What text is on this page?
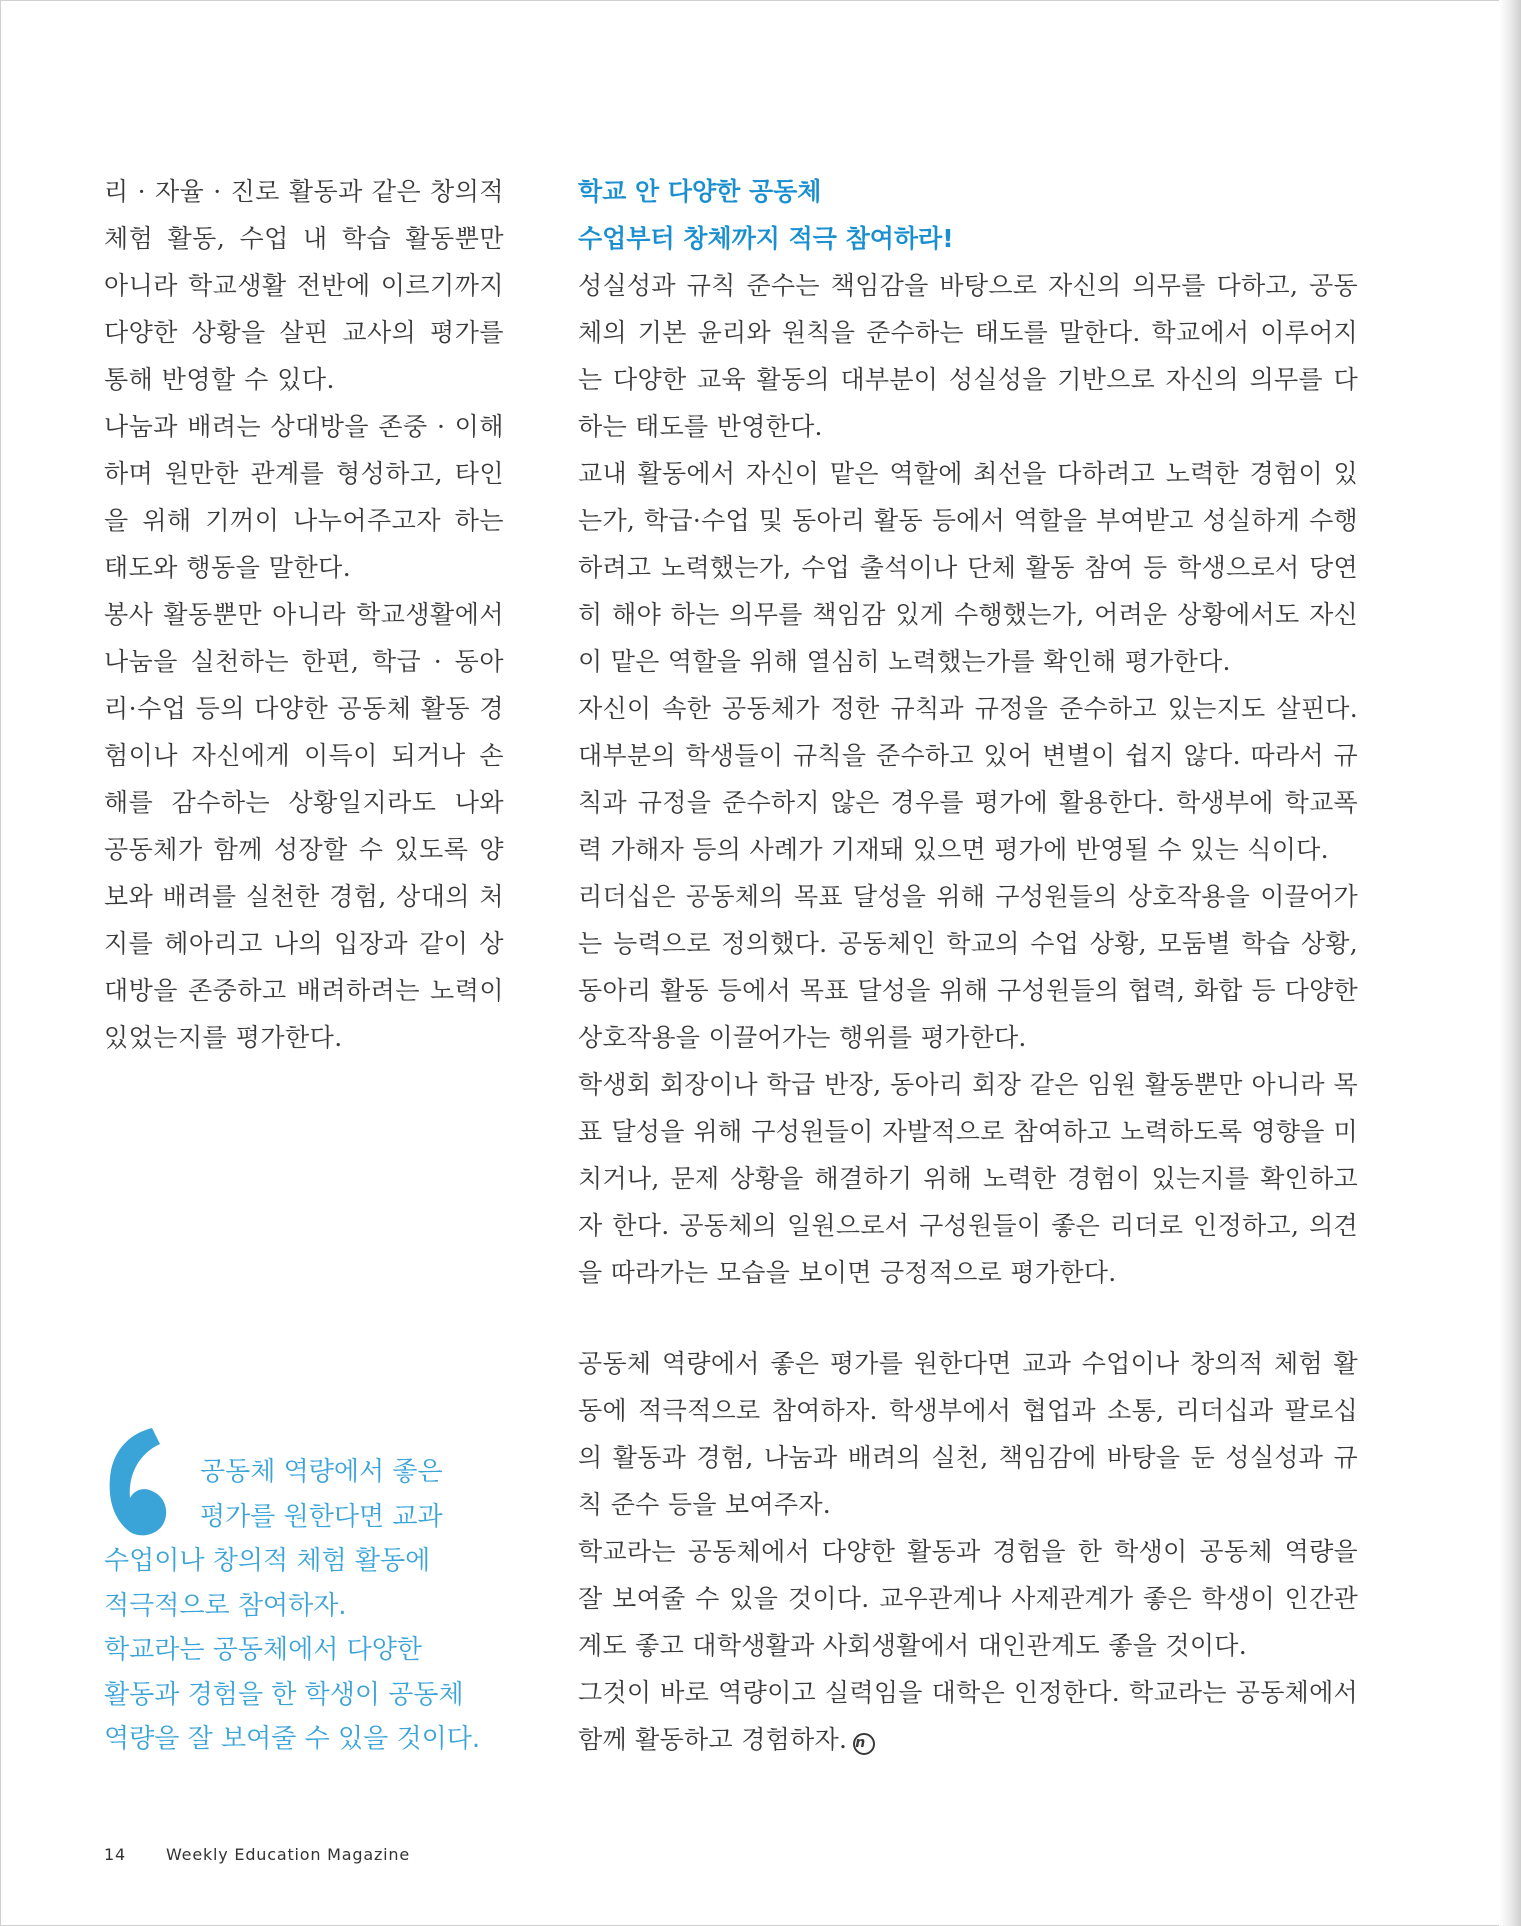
리 · 자율 · 진로 활동과 같은 창의적 체험 활동, 수업 내 학습 활동뿐만 아니라 학교생활 전반에 이르기까지 다양한 상황을 살핀 교사의 평가를 통해 반영할 수 있다.

나눔과 배려는 상대방을 존중 · 이해하며 원만한 관계를 형성하고, 타인을 위해 기꺼이 나누어주고자 하는 태도와 행동을 말한다.

봉사 활동뿐만 아니라 학교생활에서 나눔을 실천하는 한편, 학급 · 동아리·수업 등의 다양한 공동체 활동 경험이나 자신에게 이득이 되거나 손해를 감수하는 상황일지라도 나와 공동체가 함께 성장할 수 있도록 양보와 배려를 실천한 경험, 상대의 처지를 헤아리고 나의 입장과 같이 상대방을 존중하고 배려하려는 노력이 있었는지를 평가한다.

학교 안 다양한 공동체
수업부터 창체까지 적극 참여하라!

성실성과 규칙 준수는 책임감을 바탕으로 자신의 의무를 다하고, 공동체의 기본 윤리와 원칙을 준수하는 태도를 말한다. 학교에서 이루어지는 다양한 교육 활동의 대부분이 성실성을 기반으로 자신의 의무를 다하는 태도를 반영한다.

교내 활동에서 자신이 맡은 역할에 최선을 다하려고 노력한 경험이 있는가, 학급·수업 및 동아리 활동 등에서 역할을 부여받고 성실하게 수행하려고 노력했는가, 수업 출석이나 단체 활동 참여 등 학생으로서 당연히 해야 하는 의무를 책임감 있게 수행했는가, 어려운 상황에서도 자신이 맡은 역할을 위해 열심히 노력했는가를 확인해 평가한다.

자신이 속한 공동체가 정한 규칙과 규정을 준수하고 있는지도 살핀다. 대부분의 학생들이 규칙을 준수하고 있어 변별이 쉽지 않다. 따라서 규칙과 규정을 준수하지 않은 경우를 평가에 활용한다. 학생부에 학교폭력 가해자 등의 사례가 기재돼 있으면 평가에 반영될 수 있는 식이다.

리더십은 공동체의 목표 달성을 위해 구성원들의 상호작용을 이끌어가는 능력으로 정의했다. 공동체인 학교의 수업 상황, 모둠별 학습 상황, 동아리 활동 등에서 목표 달성을 위해 구성원들의 협력, 화합 등 다양한 상호작용을 이끌어가는 행위를 평가한다.

학생회 회장이나 학급 반장, 동아리 회장 같은 임원 활동뿐만 아니라 목표 달성을 위해 구성원들이 자발적으로 참여하고 노력하도록 영향을 미치거나, 문제 상황을 해결하기 위해 노력한 경험이 있는지를 확인하고자 한다. 공동체의 일원으로서 구성원들이 좋은 리더로 인정하고, 의견을 따라가는 모습을 보이면 긍정적으로 평가한다.

공동체 역량에서 좋은 평가를 원한다면 교과 수업이나 창의적 체험 활동에 적극적으로 참여하자. 학생부에서 협업과 소통, 리더십과 팔로십의 활동과 경험, 나눔과 배려의 실천, 책임감에 바탕을 둔 성실성과 규칙 준수 등을 보여주자.

학교라는 공동체에서 다양한 활동과 경험을 한 학생이 공동체 역량을 잘 보여줄 수 있을 것이다. 교우관계나 사제관계가 좋은 학생이 인간관계도 좋고 대학생활과 사회생활에서 대인관계도 좋을 것이다.

그것이 바로 역량이고 실력임을 대학은 인정한다. 학교라는 공동체에서 함께 활동하고 경험하자. n

공동체 역량에서 좋은
평가를 원한다면 교과
수업이나 창의적 체험 활동에
적극적으로 참여하자.
학교라는 공동체에서 다양한
활동과 경험을 한 학생이 공동체
역량을 잘 보여줄 수 있을 것이다.
14	Weekly Education Magazine
